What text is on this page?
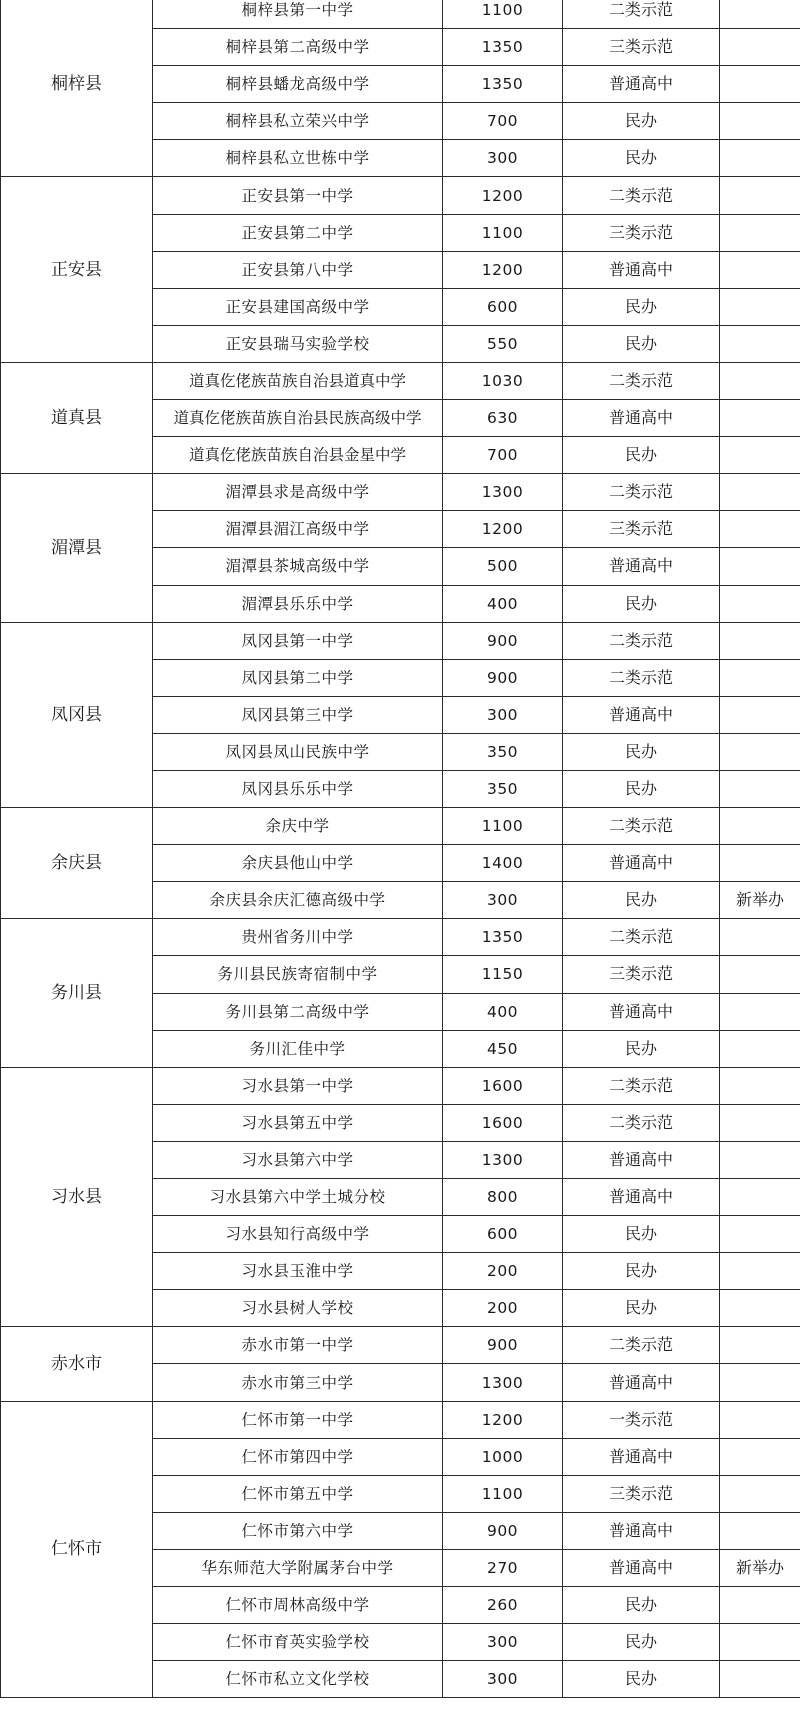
桐梓县	桐梓县第一中学	1100	二类示范	
	桐梓县第二高级中学	1350	三类示范	
	桐梓县蟠龙高级中学	1350	普通高中	
	桐梓县私立荣兴中学	700	民办	
	桐梓县私立世栋中学	300	民办	
正安县	正安县第一中学	1200	二类示范	
	正安县第二中学	1100	三类示范	
	正安县第八中学	1200	普通高中	
	正安县建国高级中学	600	民办	
	正安县瑞马实验学校	550	民办	
道真县	道真仡佬族苗族自治县道真中学	1030	二类示范	
	道真仡佬族苗族自治县民族高级中学	630	普通高中	
	道真仡佬族苗族自治县金星中学	700	民办	
湄潭县	湄潭县求是高级中学	1300	二类示范	
	湄潭县湄江高级中学	1200	三类示范	
	湄潭县茶城高级中学	500	普通高中	
	湄潭县乐乐中学	400	民办	
凤冈县	凤冈县第一中学	900	二类示范	
	凤冈县第二中学	900	二类示范	
	凤冈县第三中学	300	普通高中	
	凤冈县凤山民族中学	350	民办	
	凤冈县乐乐中学	350	民办	
余庆县	余庆中学	1100	二类示范	
	余庆县他山中学	1400	普通高中	
	余庆县余庆汇德高级中学	300	民办	新举办
务川县	贵州省务川中学	1350	二类示范	
	务川县民族寄宿制中学	1150	三类示范	
	务川县第二高级中学	400	普通高中	
	务川汇佳中学	450	民办	
习水县	习水县第一中学	1600	二类示范	
	习水县第五中学	1600	二类示范	
	习水县第六中学	1300	普通高中	
	习水县第六中学土城分校	800	普通高中	
	习水县知行高级中学	600	民办	
	习水县玉淮中学	200	民办	
	习水县树人学校	200	民办	
赤水市	赤水市第一中学	900	二类示范	
	赤水市第三中学	1300	普通高中	
仁怀市	仁怀市第一中学	1200	一类示范	
	仁怀市第四中学	1000	普通高中	
	仁怀市第五中学	1100	三类示范	
	仁怀市第六中学	900	普通高中	
	华东师范大学附属茅台中学	270	普通高中	新举办
	仁怀市周林高级中学	260	民办	
	仁怀市育英实验学校	300	民办	
	仁怀市私立文化学校	300	民办	
